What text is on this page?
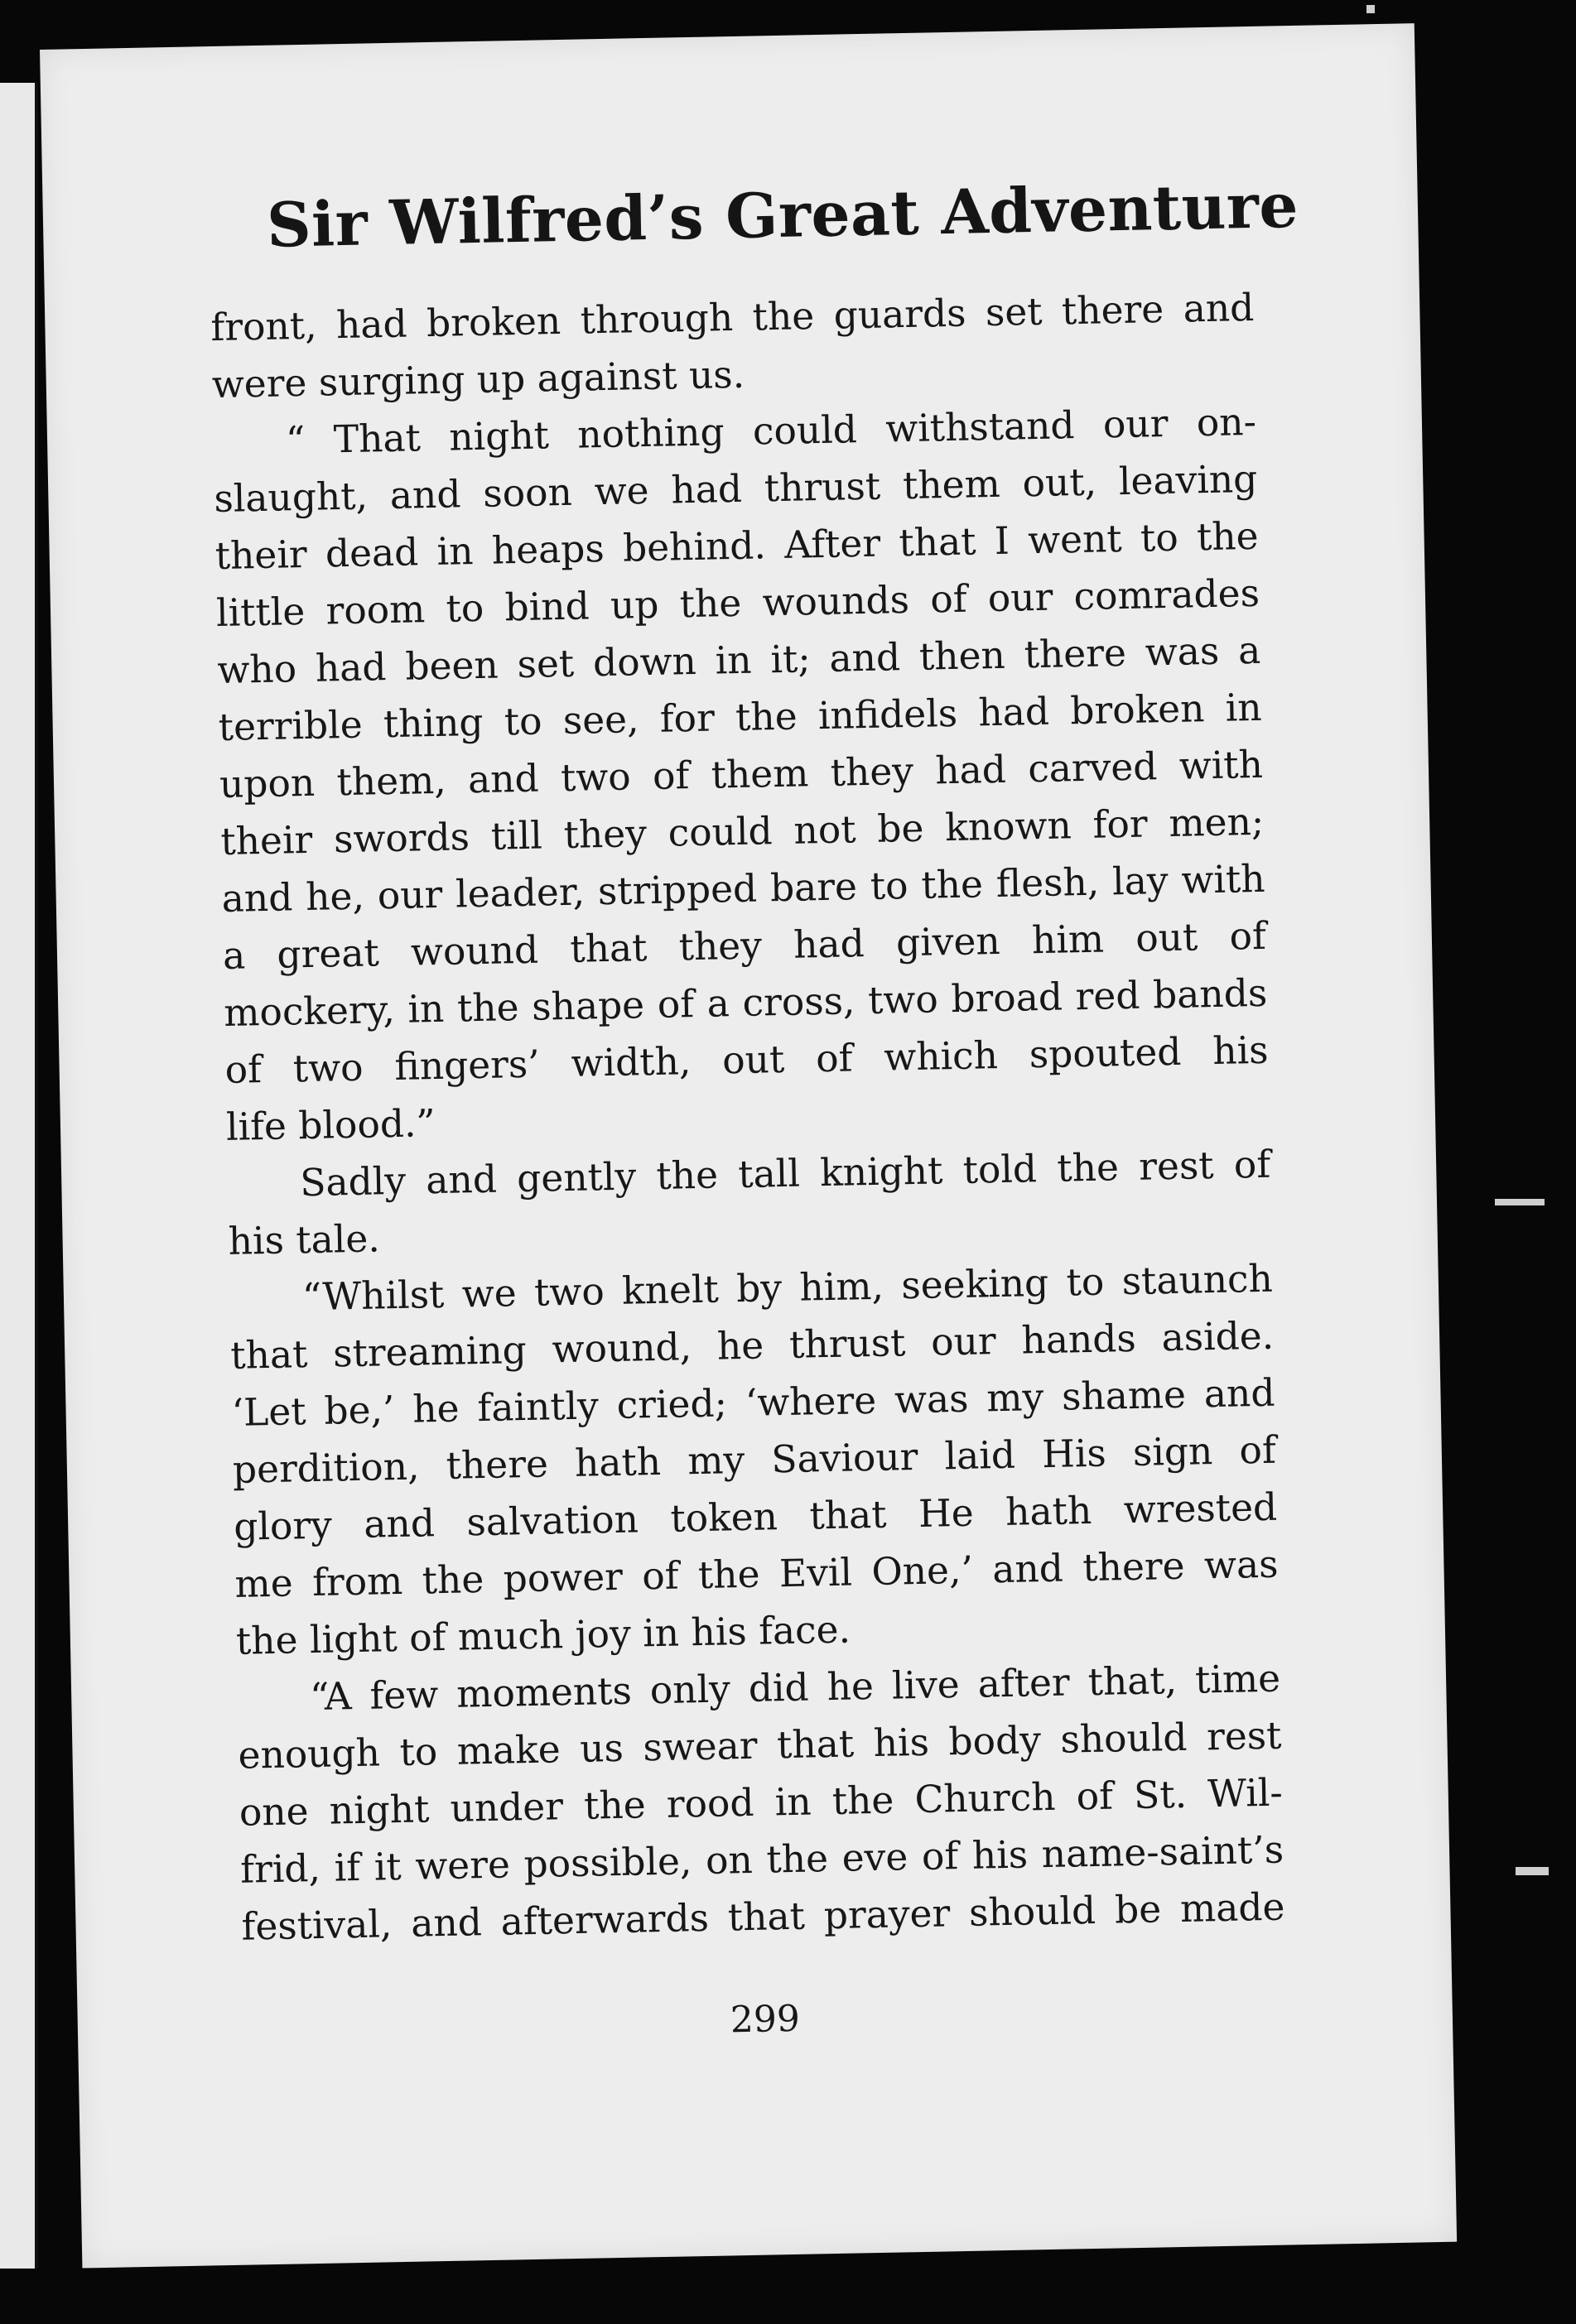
Sir Wilfred’s Great Adventure
front, had broken through the guards set there and
were surging up against us.
“ That night nothing could withstand our on-
slaught, and soon we had thrust them out, leaving
their dead in heaps behind. After that I went to the
little room to bind up the wounds of our comrades
who had been set down in it; and then there was a
terrible thing to see, for the infidels had broken in
upon them, and two of them they had carved with
their swords till they could not be known for men;
and he, our leader, stripped bare to the flesh, lay with
a great wound that they had given him out of
mockery, in the shape of a cross, two broad red bands
of two fingers’ width, out of which spouted his
life blood.”
Sadly and gently the tall knight told the rest of
his tale.
“Whilst we two knelt by him, seeking to staunch
that streaming wound, he thrust our hands aside.
‘Let be,’ he faintly cried; ‘where was my shame and
perdition, there hath my Saviour laid His sign of
glory and salvation token that He hath wrested
me from the power of the Evil One,’ and there was
the light of much joy in his face.
“A few moments only did he live after that, time
enough to make us swear that his body should rest
one night under the rood in the Church of St. Wil-
frid, if it were possible, on the eve of his name-saint’s
festival, and afterwards that prayer should be made
299
